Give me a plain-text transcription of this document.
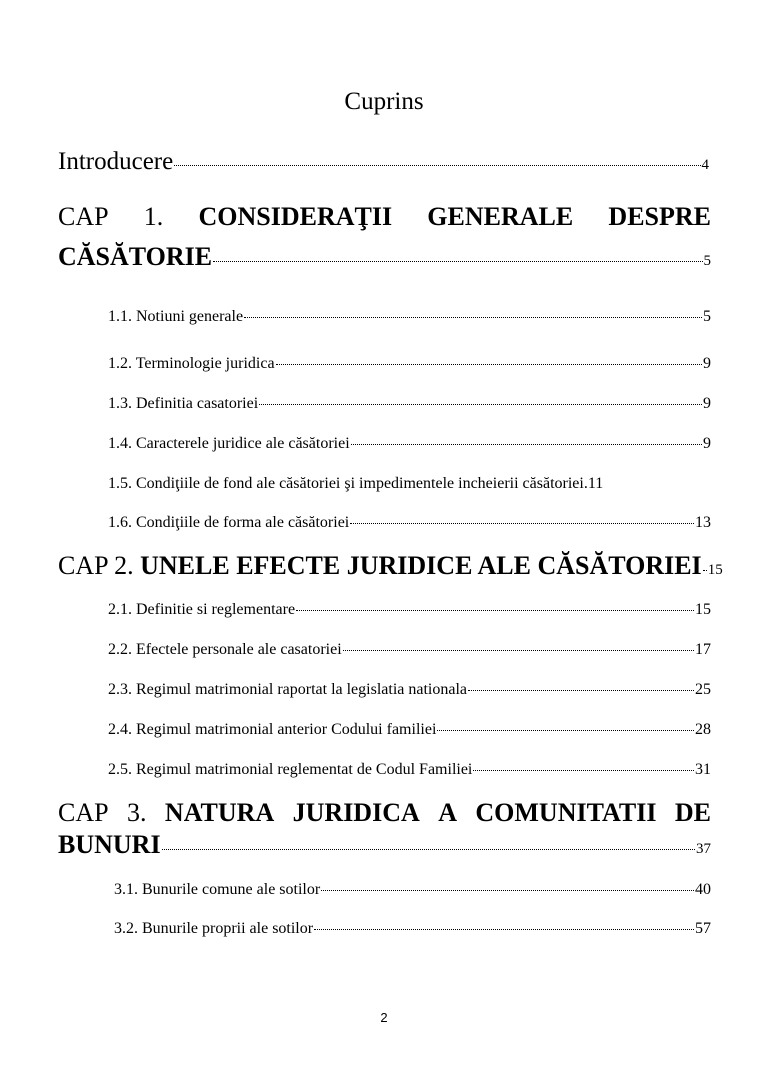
Cuprins
Introducere	4
CAP 1. CONSIDERAŢII GENERALE DESPRE
CĂSĂTORIE	5
1.1. Notiuni generale	5
1.2. Terminologie juridica	9
1.3. Definitia casatoriei	9
1.4. Caracterele juridice ale căsătoriei	9
1.5. Condiţiile de fond ale căsătoriei şi impedimentele incheierii căsătoriei. 11
1.6. Condiţiile de forma ale căsătoriei	13
CAP 2.
UNELE EFECTE JURIDICE ALE CĂSĂTORIEI 15
2.1. Definitie si reglementare	15
2.2. Efectele personale ale casatoriei	17
2.3. Regimul matrimonial raportat la legislatia nationala	25
2.4. Regimul matrimonial anterior Codului familiei	28
2.5. Regimul matrimonial reglementat de Codul Familiei	31
CAP 3. NATURA JURIDICA A COMUNITATII DE
BUNURI	37
3.1. Bunurile comune ale sotilor	40
3.2. Bunurile proprii ale sotilor	57
2
